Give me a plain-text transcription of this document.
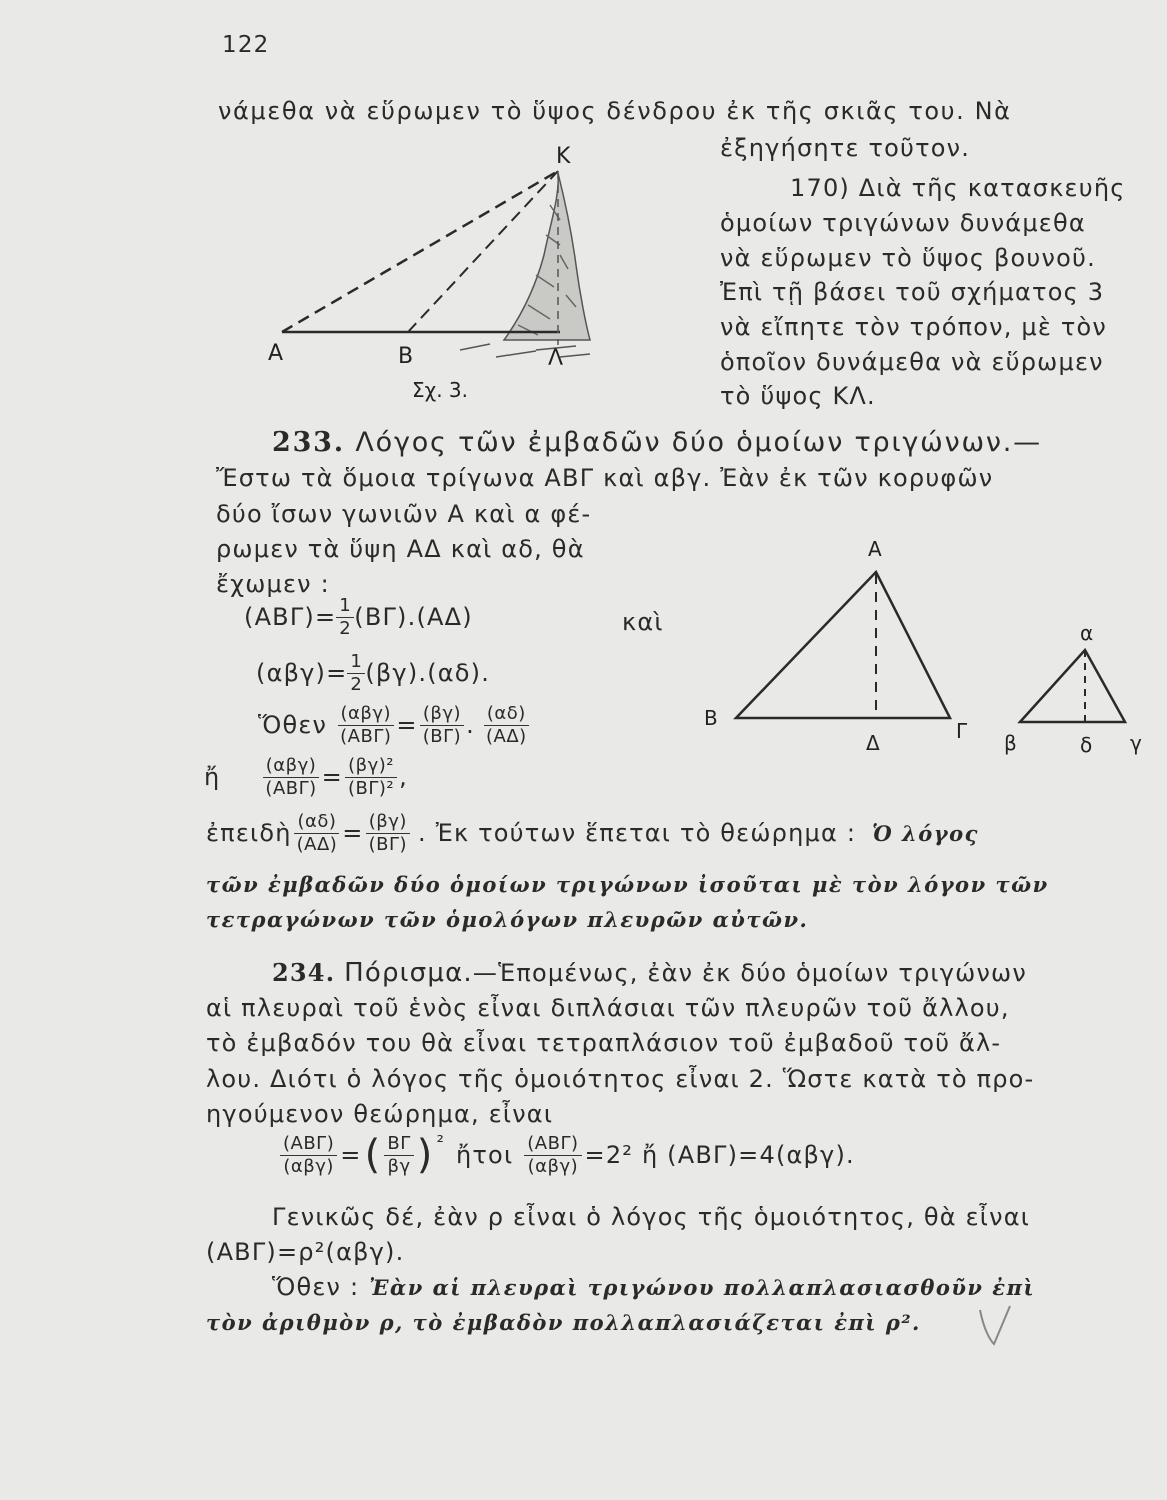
122
νάμεθα νὰ εὕρωμεν τὸ ὕψος δένδρου ἐκ τῆς σκιᾶς του. Νὰ
K
A	B	Λ
Σχ. 3.
ἐξηγήσητε τοῦτον.
170) Διὰ τῆς κατασκευῆς
ὁμοίων τριγώνων δυνάμεθα
νὰ εὕρωμεν τὸ ὕψος βουνοῦ.
Ἐπὶ τῇ βάσει τοῦ σχήματος 3
νὰ εἴπητε τὸν τρόπον, μὲ τὸν
ὁποῖον δυνάμεθα νὰ εὕρωμεν
τὸ ὕψος ΚΛ.
233. Λόγος τῶν ἐμβαδῶν δύο ὁμοίων τριγώνων.—
Ἔστω τὰ ὅμοια τρίγωνα ΑΒΓ καὶ αβγ. Ἐὰν ἐκ τῶν κορυφῶν
δύο ἴσων γωνιῶν Α καὶ α φέ-
ρωμεν τὰ ὕψη ΑΔ καὶ αδ, θὰ
ἔχωμεν :
$(AB\Gamma)= \frac{1}{2} (B\Gamma).(A\Delta)$	καὶ
$(\alpha\beta\gamma)= \frac{1}{2} (\beta\gamma).(\alpha\delta)$.
Ὅθεν $\frac{\text{(αβγ)}}{\text{(ΑΒΓ)}} = \frac{(\beta\gamma)}{(B\Gamma)}$ . $\frac{(\alpha\delta)}{(A\Delta)}$
ἤ $\frac{\text{(αβγ)}}{\text{(ΑΒΓ)}} = \frac{\text{(βγ)²}}{\text{(ΒΓ)²}}$ ,
ἐπειδὴ $\frac{(\alpha\delta)}{(A\Delta)} = \frac{(\beta\gamma)}{(B\Gamma)}$ . Ἐκ τούτων ἕπεται τὸ θεώρημα : Ὁ λόγος
τῶν ἐμβαδῶν δύο ὁμοίων τριγώνων ἰσοῦται μὲ τὸν λόγον τῶν
τετραγώνων τῶν ὁμολόγων πλευρῶν αὐτῶν.
A
B
Γ
Δ
α
β	δ γ
234. Πόρισμα.—Ἑπομένως, ἐὰν ἐκ δύο ὁμοίων τριγώνων
αἱ πλευραὶ τοῦ ἑνὸς εἶναι διπλάσιαι τῶν πλευρῶν τοῦ ἄλλου,
τὸ ἐμβαδόν του θὰ εἶναι τετραπλάσιον τοῦ ἐμβαδοῦ τοῦ ἄλ-
λου. Διότι ὁ λόγος τῆς ὁμοιότητος εἶναι 2. Ὥστε κατὰ τὸ προ-
ηγούμενον θεώρημα, εἶναι
$\frac{\text{(ΑΒΓ)}}{\text{(αβγ)}}$ = ( $\frac{B\Gamma}{\beta\gamma}$ ) ² ἤτοι $\frac{\text{(ΑΒΓ)}}{\text{(αβγ)}} =2^2$ ἤ (ΑΒΓ)=4(αβγ).
Γενικῶς δέ, ἐὰν ρ εἶναι ὁ λόγος τῆς ὁμοιότητος, θὰ εἶναι
(ΑΒΓ)=ρ²(αβγ).
Ὅθεν : Ἐὰν αἱ πλευραὶ τριγώνου πολλαπλασιασθοῦν ἐπὶ
τὸν ἀριθμὸν ρ, τὸ ἐμβαδὸν πολλαπλασιάζεται ἐπὶ ρ².
